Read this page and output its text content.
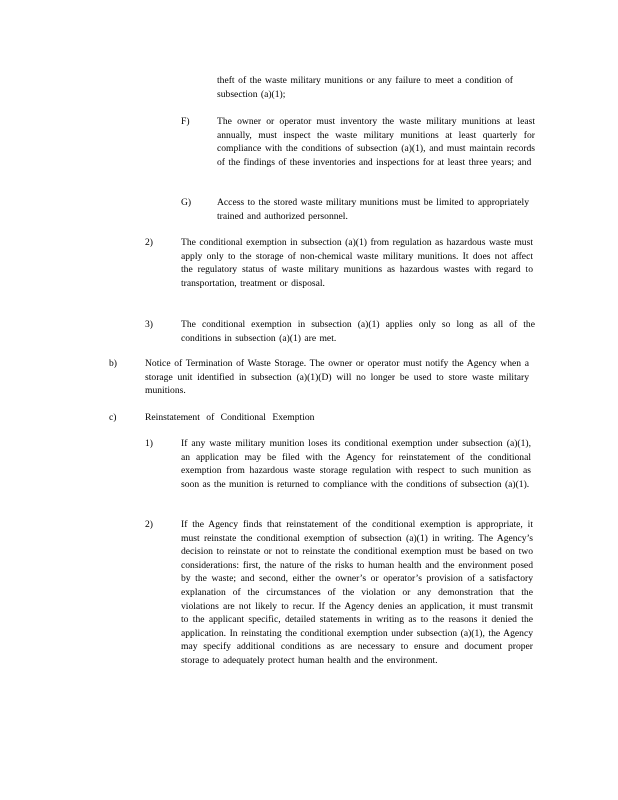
theft of the waste military munitions or any failure to meet a condition of subsection (a)(1);

F)	The owner or operator must inventory the waste military munitions at least annually, must inspect the waste military munitions at least quarterly for compliance with the conditions of subsection (a)(1), and must maintain records of the findings of these inventories and inspections for at least three years; and

G)	Access to the stored waste military munitions must be limited to appropriately trained and authorized personnel.

2)	The conditional exemption in subsection (a)(1) from regulation as hazardous waste must apply only to the storage of non-chemical waste military munitions. It does not affect the regulatory status of waste military munitions as hazardous wastes with regard to transportation, treatment or disposal.

3)	The conditional exemption in subsection (a)(1) applies only so long as all of the conditions in subsection (a)(1) are met.

b)	Notice of Termination of Waste Storage. The owner or operator must notify the Agency when a storage unit identified in subsection (a)(1)(D) will no longer be used to store waste military munitions.

c)	Reinstatement of Conditional Exemption
1)	If any waste military munition loses its conditional exemption under subsection (a)(1), an application may be filed with the Agency for reinstatement of the conditional exemption from hazardous waste storage regulation with respect to such munition as soon as the munition is returned to compliance with the conditions of subsection (a)(1).

2)	If the Agency finds that reinstatement of the conditional exemption is appropriate, it must reinstate the conditional exemption of subsection (a)(1) in writing. The Agency’s decision to reinstate or not to reinstate the conditional exemption must be based on two considerations: first, the nature of the risks to human health and the environment posed by the waste; and second, either the owner’s or operator’s provision of a satisfactory explanation of the circumstances of the violation or any demonstration that the violations are not likely to recur. If the Agency denies an application, it must transmit to the applicant specific, detailed statements in writing as to the reasons it denied the application. In reinstating the conditional exemption under subsection (a)(1), the Agency may specify additional conditions as are necessary to ensure and document proper storage to adequately protect human health and the environment.
